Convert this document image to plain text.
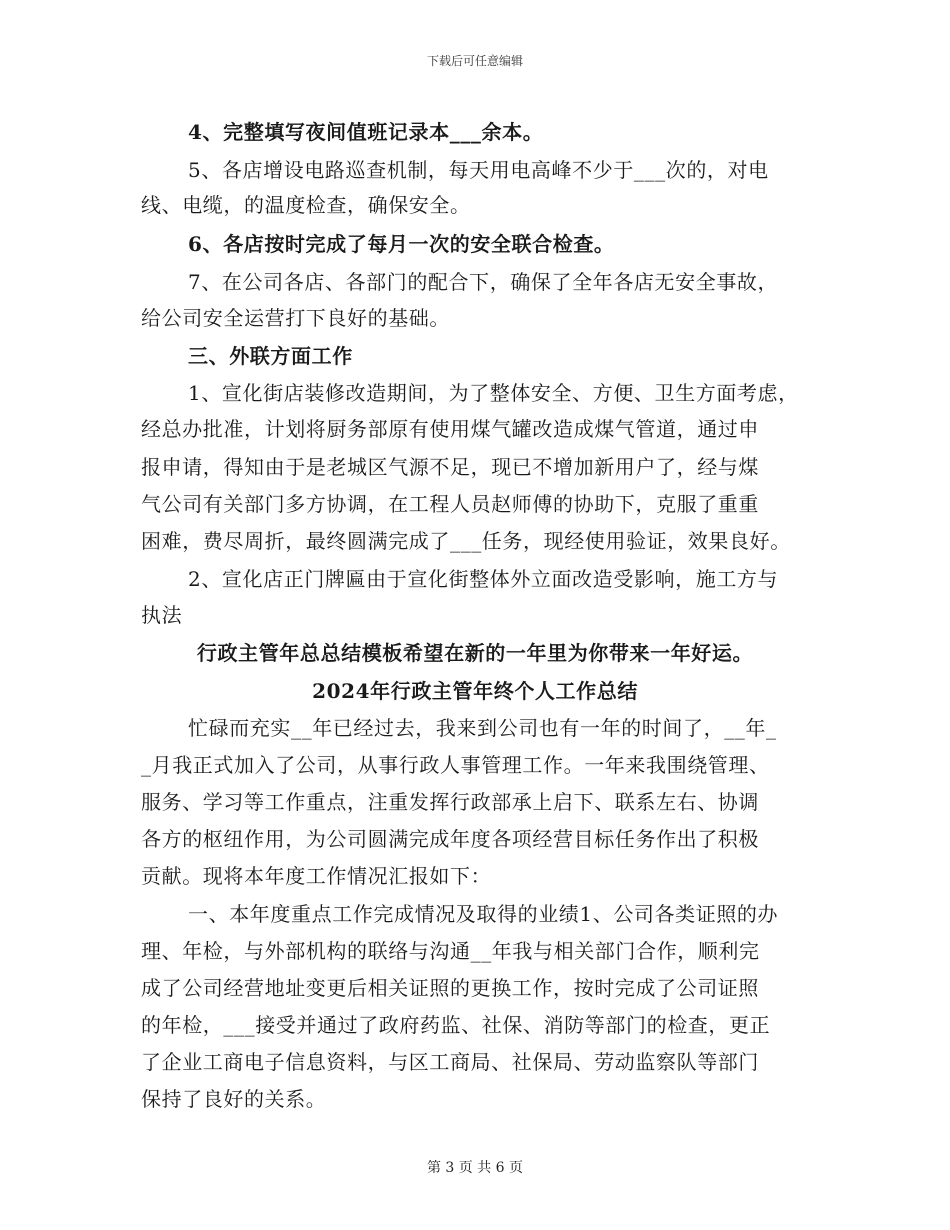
下载后可任意编辑
4、完整填写夜间值班记录本___余本。
5、各店增设电路巡查机制，每天用电高峰不少于___次的，对电
线、电缆，的温度检查，确保安全。
6、各店按时完成了每月一次的安全联合检查。
7、在公司各店、各部门的配合下，确保了全年各店无安全事故，
给公司安全运营打下良好的基础。
三、外联方面工作
1、宣化街店装修改造期间，为了整体安全、方便、卫生方面考虑，
经总办批准，计划将厨务部原有使用煤气罐改造成煤气管道，通过申
报申请，得知由于是老城区气源不足，现已不增加新用户了，经与煤
气公司有关部门多方协调，在工程人员赵师傅的协助下，克服了重重
困难，费尽周折，最终圆满完成了___任务，现经使用验证，效果良好。
2、宣化店正门牌匾由于宣化街整体外立面改造受影响，施工方与
执法
行政主管年总总结模板希望在新的一年里为你带来一年好运。
2024年行政主管年终个人工作总结
忙碌而充实__年已经过去，我来到公司也有一年的时间了，__年_
_月我正式加入了公司，从事行政人事管理工作。一年来我围绕管理、
服务、学习等工作重点，注重发挥行政部承上启下、联系左右、协调
各方的枢纽作用，为公司圆满完成年度各项经营目标任务作出了积极
贡献。现将本年度工作情况汇报如下：
一、本年度重点工作完成情况及取得的业绩1、公司各类证照的办
理、年检，与外部机构的联络与沟通__年我与相关部门合作，顺利完
成了公司经营地址变更后相关证照的更换工作，按时完成了公司证照
的年检，___接受并通过了政府药监、社保、消防等部门的检查，更正
了企业工商电子信息资料，与区工商局、社保局、劳动监察队等部门
保持了良好的关系。
第 3 页 共 6 页
